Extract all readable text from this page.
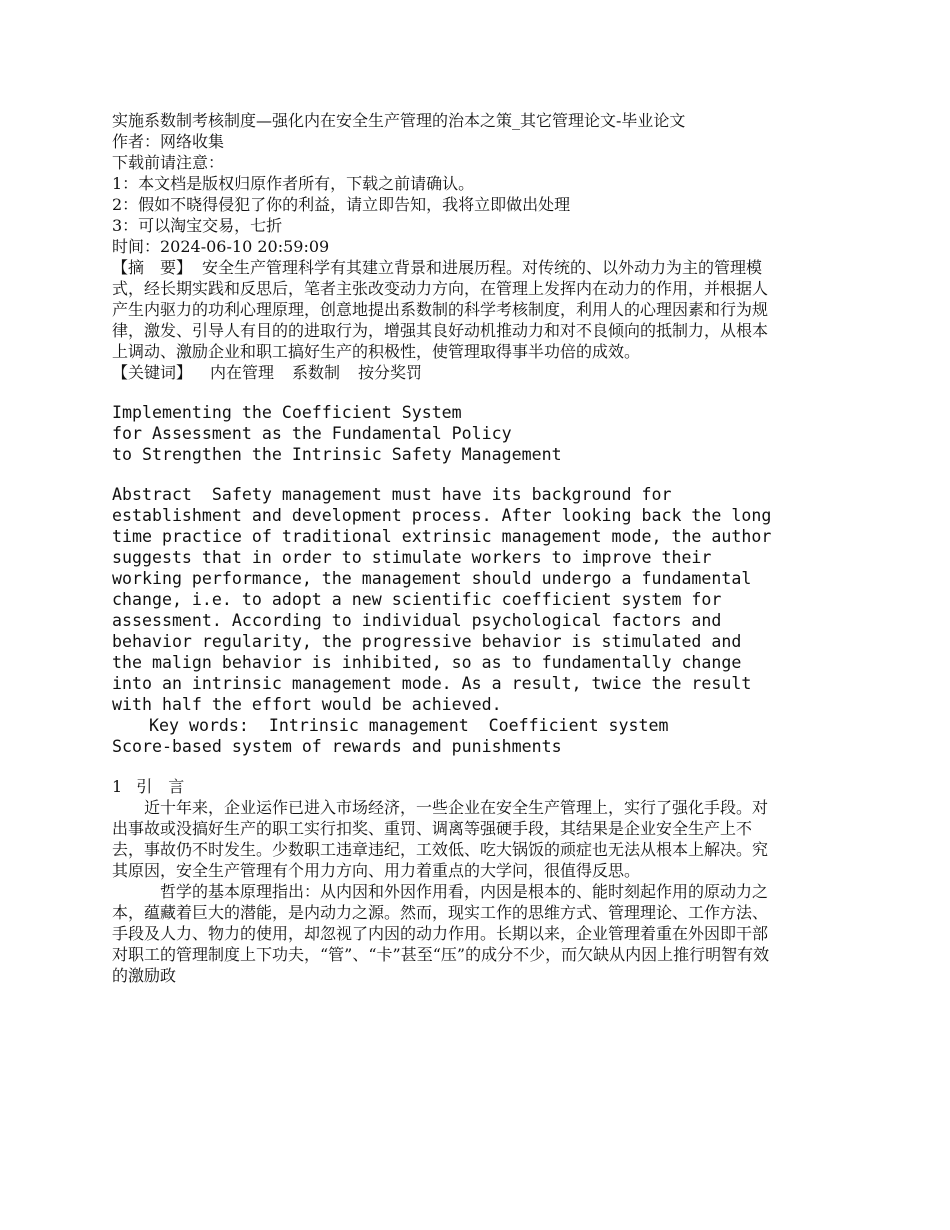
实施系数制考核制度—强化内在安全生产管理的治本之策_其它管理论文-毕业论文

作者：网络收集

下载前请注意：

1：本文档是版权归原作者所有，下载之前请确认。

2：假如不晓得侵犯了你的利益，请立即告知，我将立即做出处理

3：可以淘宝交易，七折

时间：2024-06-10 20:59:09

【摘　要】 安全生产管理科学有其建立背景和进展历程。对传统的、以外动力为主的管理模式，经长期实践和反思后，笔者主张改变动力方向，在管理上发挥内在动力的作用，并根据人产生内驱力的功利心理原理，创意地提出系数制的科学考核制度，利用人的心理因素和行为规律，激发、引导人有目的的进取行为，增强其良好动机推动力和对不良倾向的抵制力，从根本上调动、激励企业和职工搞好生产的积极性，使管理取得事半功倍的成效。

【关键词】 内在管理 系数制 按分奖罚

Implementing the Coefficient System

for Assessment as the Fundamental Policy

to Strengthen the Intrinsic Safety Management

Abstract  Safety management must have its background for establishment and development process. After looking back the long time practice of traditional extrinsic management mode, the author suggests that in order to stimulate workers to improve their working performance, the management should undergo a fundamental change, i.e. to adopt a new scientific coefficient system for assessment. According to individual psychological factors and behavior regularity, the progressive behavior is stimulated and the malign behavior is inhibited, so as to fundamentally change into an intrinsic management mode. As a result, twice the result with half the effort would be achieved.

Key words: Intrinsic management  Coefficient system

Score-based system of rewards and punishments

1 引　言

近十年来，企业运作已进入市场经济，一些企业在安全生产管理上，实行了强化手段。对出事故或没搞好生产的职工实行扣奖、重罚、调离等强硬手段，其结果是企业安全生产上不去，事故仍不时发生。少数职工违章违纪，工效低、吃大锅饭的顽症也无法从根本上解决。究其原因，安全生产管理有个用力方向、用力着重点的大学问，很值得反思。

哲学的基本原理指出：从内因和外因作用看，内因是根本的、能时刻起作用的原动力之本，蕴藏着巨大的潜能，是内动力之源。然而，现实工作的思维方式、管理理论、工作方法、手段及人力、物力的使用，却忽视了内因的动力作用。长期以来，企业管理着重在外因即干部对职工的管理制度上下功夫，“管”、“卡”甚至“压”的成分不少，而欠缺从内因上推行明智有效的激励政
